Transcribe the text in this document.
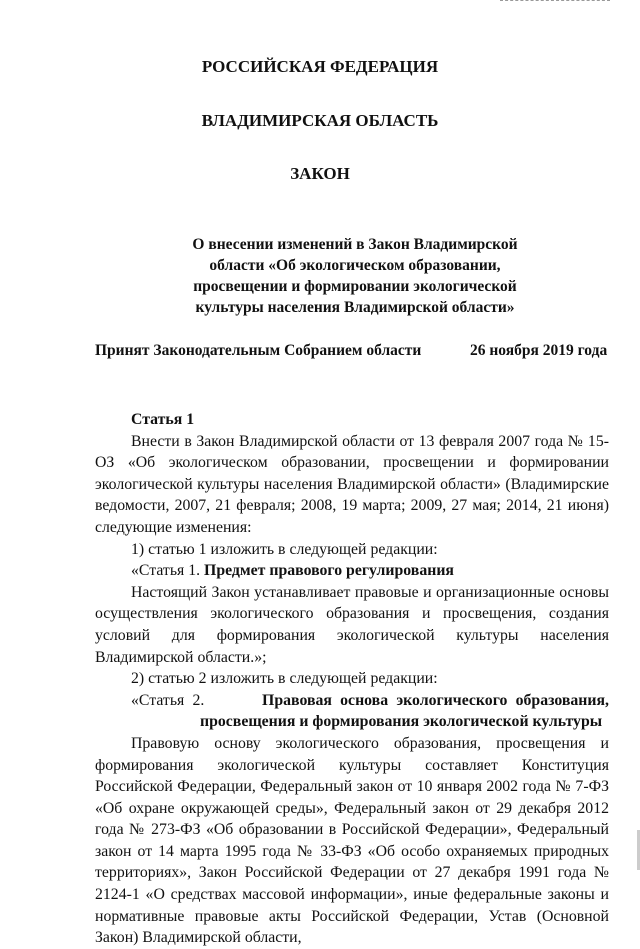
РОССИЙСКАЯ ФЕДЕРАЦИЯ
ВЛАДИМИРСКАЯ ОБЛАСТЬ
ЗАКОН
О внесении изменений в Закон Владимирской
области «Об экологическом образовании,
просвещении и формировании экологической
культуры населения Владимирской области»
Принят Законодательным Собранием области	26 ноября 2019 года

Статья 1

Внести в Закон Владимирской области от 13 февраля 2007 года № 15-ОЗ «Об экологическом образовании, просвещении и формировании экологической культуры населения Владимирской области» (Владимирские ведомости, 2007, 21 февраля; 2008, 19 марта; 2009, 27 мая; 2014, 21 июня) следующие изменения:

1) статью 1 изложить в следующей редакции:

«Статья 1. Предмет правового регулирования

Настоящий Закон устанавливает правовые и организационные основы осуществления экологического образования и просвещения, создания условий для формирования экологической культуры населения Владимирской области.»;

2) статью 2 изложить в следующей редакции:

«Статья 2.	Правовая основа экологического образования,

просвещения и формирования экологической культуры

Правовую основу экологического образования, просвещения и формирования экологической культуры составляет Конституция Российской Федерации, Федеральный закон от 10 января 2002 года № 7-ФЗ «Об охране окружающей среды», Федеральный закон от 29 декабря 2012 года № 273-ФЗ «Об образовании в Российской Федерации», Федеральный закон от 14 марта 1995 года № 33-ФЗ «Об особо охраняемых природных территориях», Закон Российской Федерации от 27 декабря 1991 года № 2124-1 «О средствах массовой информации», иные федеральные законы и нормативные правовые акты Российской Федерации, Устав (Основной Закон) Владимирской области,
